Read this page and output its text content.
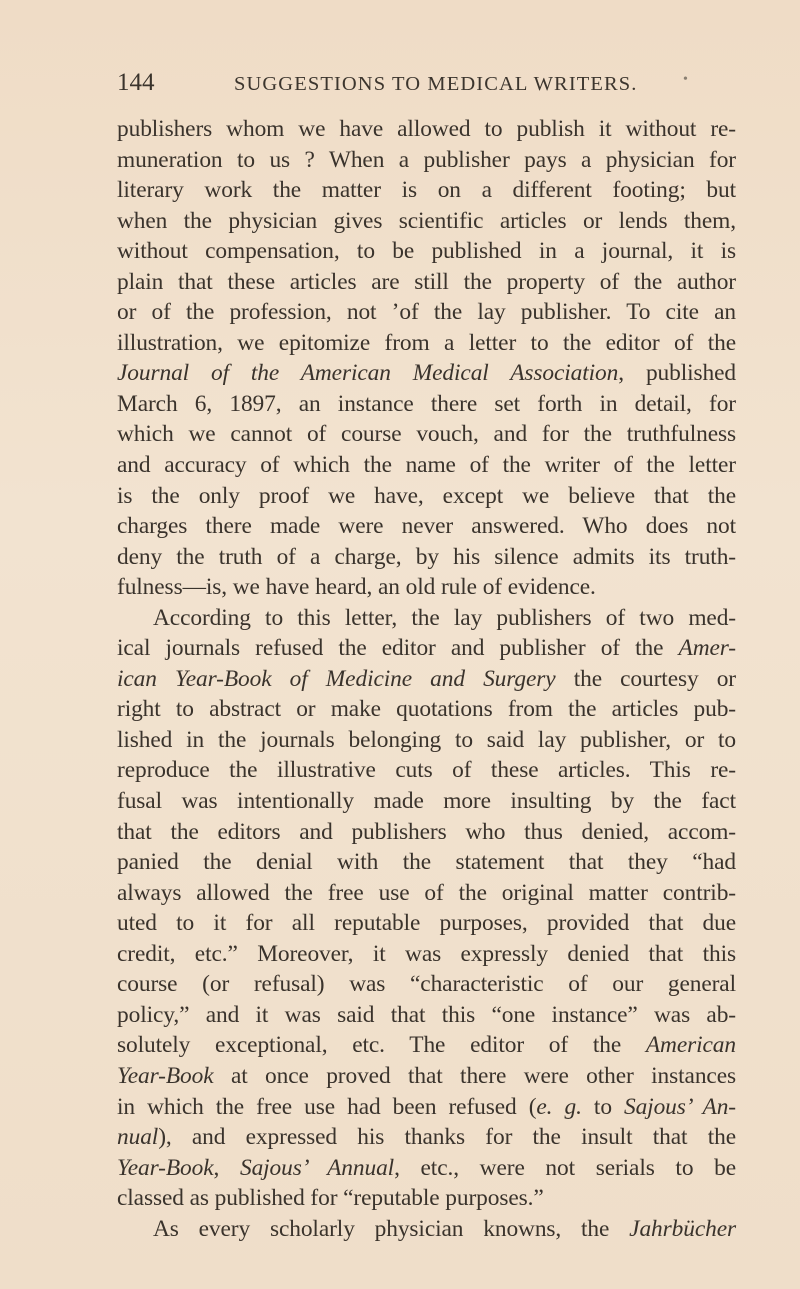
144	SUGGESTIONS TO MEDICAL WRITERS.	•
publishers whom we have allowed to publish it without re-
muneration to us ? When a publisher pays a physician for
literary work the matter is on a different footing; but
when the physician gives scientific articles or lends them,
without compensation, to be published in a journal, it is
plain that these articles are still the property of the author
or of the profession, not ’of the lay publisher. To cite an
illustration, we epitomize from a letter to the editor of the
Journal of the American Medical Association, published
March 6, 1897, an instance there set forth in detail, for
which we cannot of course vouch, and for the truthfulness
and accuracy of which the name of the writer of the letter
is the only proof we have, except we believe that the
charges there made were never answered. Who does not
deny the truth of a charge, by his silence admits its truth-
fulness—is, we have heard, an old rule of evidence.
According to this letter, the lay publishers of two med-
ical journals refused the editor and publisher of the Amer-
ican Year-Book of Medicine and Surgery the courtesy or
right to abstract or make quotations from the articles pub-
lished in the journals belonging to said lay publisher, or to
reproduce the illustrative cuts of these articles. This re-
fusal was intentionally made more insulting by the fact
that the editors and publishers who thus denied, accom-
panied the denial with the statement that they “had
always allowed the free use of the original matter contrib-
uted to it for all reputable purposes, provided that due
credit, etc.” Moreover, it was expressly denied that this
course (or refusal) was “characteristic of our general
policy,” and it was said that this “one instance” was ab-
solutely exceptional, etc. The editor of the American
Year-Book at once proved that there were other instances
in which the free use had been refused (e. g. to Sajous’ An-
nual), and expressed his thanks for the insult that the
Year-Book, Sajous’ Annual, etc., were not serials to be
classed as published for “reputable purposes.”
As every scholarly physician knowns, the Jahrbücher
